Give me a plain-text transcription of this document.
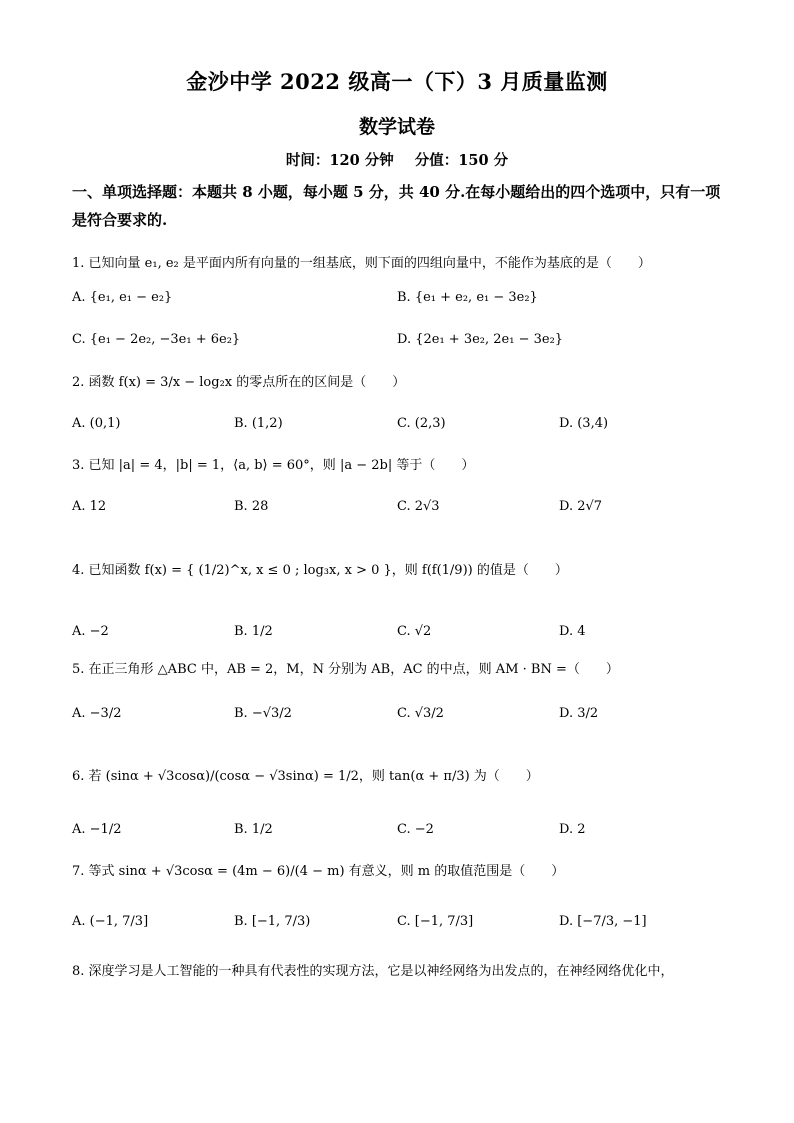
金沙中学 2022 级高一（下）3 月质量监测
数学试卷
时间：120 分钟 分值：150 分
一、单项选择题：本题共 8 小题，每小题 5 分，共 40 分.在每小题给出的四个选项中，只有一项是符合要求的.
1. 已知向量 e₁, e₂ 是平面内所有向量的一组基底，则下面的四组向量中，不能作为基底的是（　　）
A. {e₁, e₁ − e₂}	B. {e₁ + e₂, e₁ − 3e₂}
C. {e₁ − 2e₂, −3e₁ + 6e₂}	D. {2e₁ + 3e₂, 2e₁ − 3e₂}
2. 函数 f(x) = 3/x − log₂x 的零点所在的区间是（　　）
A. (0,1)	B. (1,2)	C. (2,3)	D. (3,4)
3. 已知 |a| = 4，|b| = 1，⟨a, b⟩ = 60°，则 |a − 2b| 等于（　　）
A. 12	B. 28	C. 2√3	D. 2√7
4. 已知函数 f(x) = { (1/2)^x, x ≤ 0 ; log₃x, x > 0 }，则 f(f(1/9)) 的值是（　　）
A. −2	B. 1/2	C. √2	D. 4
5. 在正三角形 △ABC 中，AB = 2，M，N 分别为 AB，AC 的中点，则 AM · BN =（　　）
A. −3/2	B. −√3/2	C. √3/2	D. 3/2
6. 若 (sinα + √3cosα)/(cosα − √3sinα) = 1/2，则 tan(α + π/3) 为（　　）
A. −1/2	B. 1/2	C. −2	D. 2
7. 等式 sinα + √3cosα = (4m − 6)/(4 − m) 有意义，则 m 的取值范围是（　　）
A. (−1, 7/3]	B. [−1, 7/3)	C. [−1, 7/3]	D. [−7/3, −1]
8. 深度学习是人工智能的一种具有代表性的实现方法，它是以神经网络为出发点的，在神经网络优化中，
